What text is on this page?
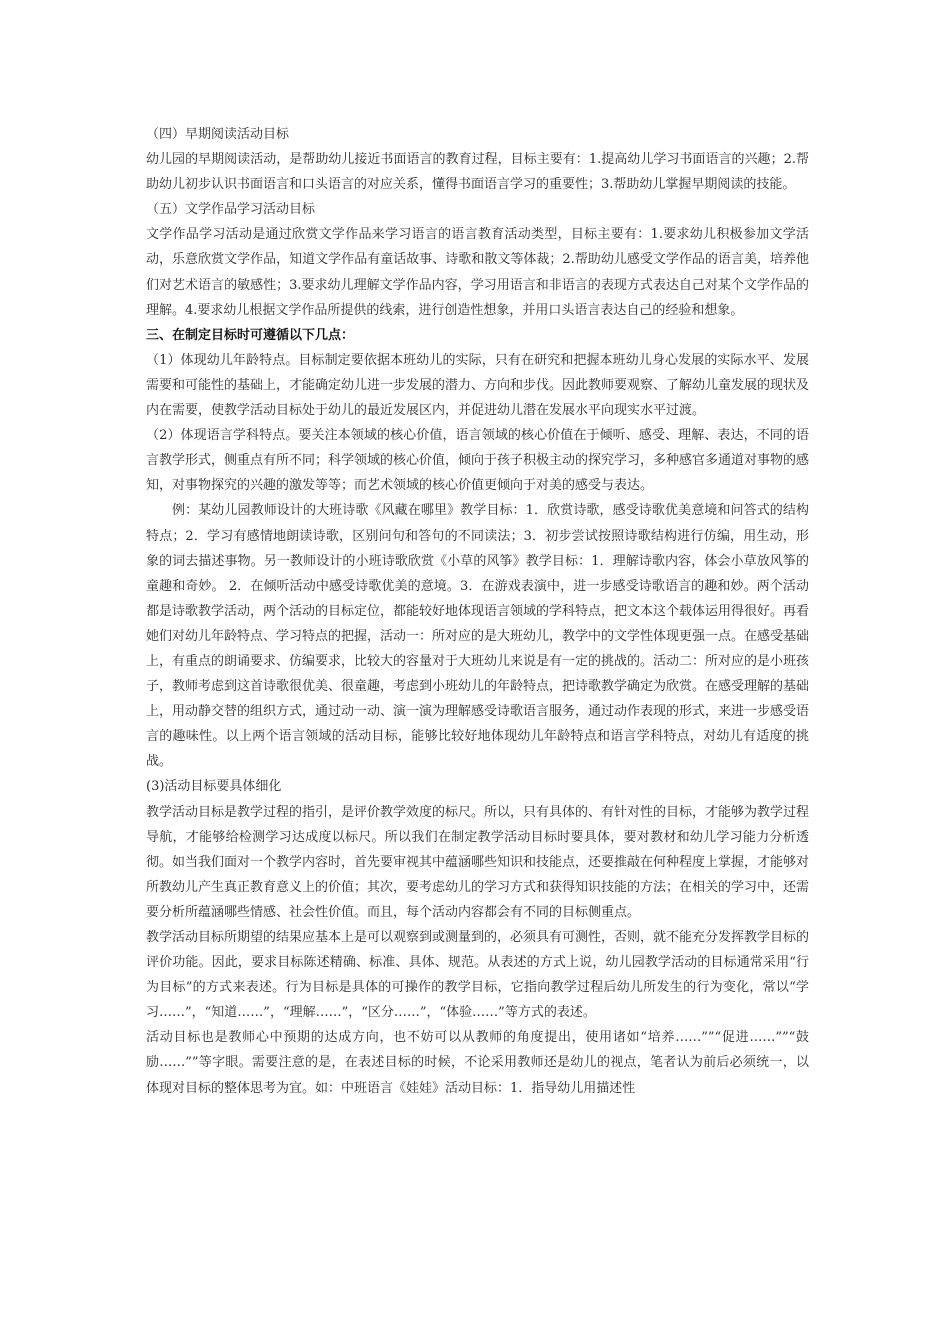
（四）早期阅读活动目标

幼儿园的早期阅读活动，是帮助幼儿接近书面语言的教育过程，目标主要有：1.提高幼儿学习书面语言的兴趣；2.帮助幼儿初步认识书面语言和口头语言的对应关系，懂得书面语言学习的重要性；3.帮助幼儿掌握早期阅读的技能。

（五）文学作品学习活动目标

文学作品学习活动是通过欣赏文学作品来学习语言的语言教育活动类型，目标主要有：1.要求幼儿积极参加文学活动，乐意欣赏文学作品，知道文学作品有童话故事、诗歌和散文等体裁；2.帮助幼儿感受文学作品的语言美，培养他们对艺术语言的敏感性；3.要求幼儿理解文学作品内容，学习用语言和非语言的表现方式表达自己对某个文学作品的理解。4.要求幼儿根据文学作品所提供的线索，进行创造性想象，并用口头语言表达自己的经验和想象。

三、在制定目标时可遵循以下几点：

（1）体现幼儿年龄特点。目标制定要依据本班幼儿的实际，只有在研究和把握本班幼儿身心发展的实际水平、发展需要和可能性的基础上，才能确定幼儿进一步发展的潜力、方向和步伐。因此教师要观察、了解幼儿童发展的现状及内在需要，使教学活动目标处于幼儿的最近发展区内，并促进幼儿潜在发展水平向现实水平过渡。

（2）体现语言学科特点。要关注本领域的核心价值，语言领域的核心价值在于倾听、感受、理解、表达，不同的语言教学形式，侧重点有所不同；科学领域的核心价值，倾向于孩子积极主动的探究学习，多种感官多通道对事物的感知，对事物探究的兴趣的激发等等；而艺术领域的核心价值更倾向于对美的感受与表达。

例：某幼儿园教师设计的大班诗歌《风藏在哪里》教学目标：1．欣赏诗歌，感受诗歌优美意境和问答式的结构特点；2．学习有感情地朗读诗歌，区别问句和答句的不同读法；3．初步尝试按照诗歌结构进行仿编，用生动，形象的词去描述事物。另一教师设计的小班诗歌欣赏《小草的风筝》教学目标：1．理解诗歌内容，体会小草放风筝的童趣和奇妙。 2．在倾听活动中感受诗歌优美的意境。3．在游戏表演中，进一步感受诗歌语言的趣和妙。两个活动都是诗歌教学活动，两个活动的目标定位，都能较好地体现语言领域的学科特点，把文本这个载体运用得很好。再看她们对幼儿年龄特点、学习特点的把握，活动一：所对应的是大班幼儿，教学中的文学性体现更强一点。在感受基础上，有重点的朗诵要求、仿编要求，比较大的容量对于大班幼儿来说是有一定的挑战的。活动二：所对应的是小班孩子，教师考虑到这首诗歌很优美、很童趣，考虑到小班幼儿的年龄特点，把诗歌教学确定为欣赏。在感受理解的基础上，用动静交替的组织方式，通过动一动、演一演为理解感受诗歌语言服务，通过动作表现的形式，来进一步感受语言的趣味性。以上两个语言领域的活动目标，能够比较好地体现幼儿年龄特点和语言学科特点，对幼儿有适度的挑战。

(3)活动目标要具体细化

教学活动目标是教学过程的指引，是评价教学效度的标尺。所以，只有具体的、有针对性的目标，才能够为教学过程导航，才能够给检测学习达成度以标尺。所以我们在制定教学活动目标时要具体，要对教材和幼儿学习能力分析透彻。如当我们面对一个教学内容时，首先要审视其中蕴涵哪些知识和技能点，还要推敲在何种程度上掌握，才能够对所教幼儿产生真正教育意义上的价值；其次，要考虑幼儿的学习方式和获得知识技能的方法；在相关的学习中，还需要分析所蕴涵哪些情感、社会性价值。而且，每个活动内容都会有不同的目标侧重点。

教学活动目标所期望的结果应基本上是可以观察到或测量到的，必须具有可测性，否则，就不能充分发挥教学目标的评价功能。因此，要求目标陈述精确、标准、具体、规范。从表述的方式上说，幼儿园教学活动的目标通常采用“行为目标”的方式来表述。行为目标是具体的可操作的教学目标，它指向教学过程后幼儿所发生的行为变化，常以“学习……”，“知道……”，“理解……”，“区分……”，“体验……”等方式的表述。

活动目标也是教师心中预期的达成方向，也不妨可以从教师的角度提出，使用诸如“培养……””“促进……””“鼓励……””等字眼。需要注意的是，在表述目标的时候，不论采用教师还是幼儿的视点，笔者认为前后必须统一，以体现对目标的整体思考为宜。如：中班语言《娃娃》活动目标：1．指导幼儿用描述性
